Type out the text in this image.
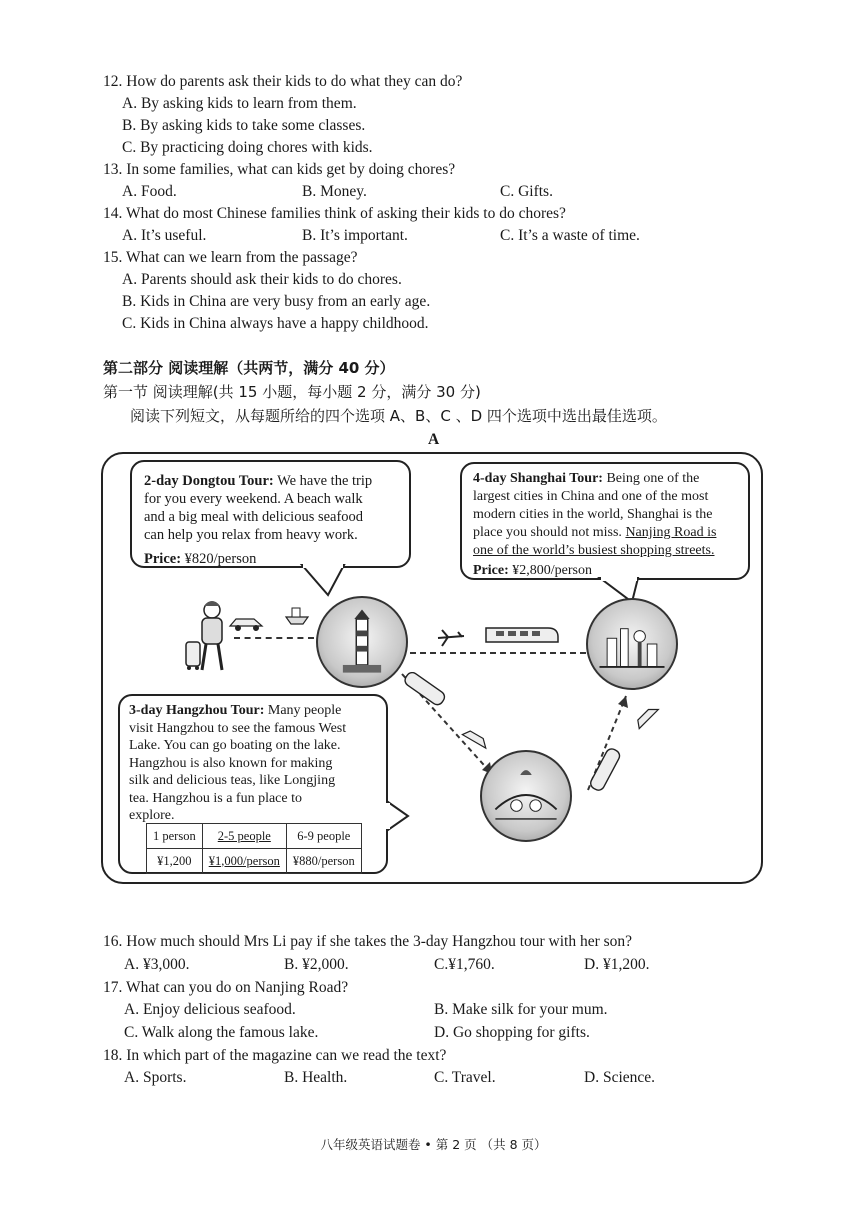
12. How do parents ask their kids to do what they can do?
A. By asking kids to learn from them.
B. By asking kids to take some classes.
C. By practicing doing chores with kids.
13. In some families, what can kids get by doing chores?
A. Food.	B. Money.	C. Gifts.
14. What do most Chinese families think of asking their kids to do chores?
A. It’s useful.	B. It’s important.	C. It’s a waste of time.
15. What can we learn from the passage?
A. Parents should ask their kids to do chores.
B. Kids in China are very busy from an early age.
C. Kids in China always have a happy childhood.
第二部分 阅读理解（共两节，满分 40 分）
第一节 阅读理解(共 15 小题，每小题 2 分，满分 30 分)
阅读下列短文，从每题所给的四个选项 A、B、C 、D 四个选项中选出最佳选项。
A
2-day Dongtou Tour: We have the trip
for you every weekend. A beach walk
and a big meal with delicious seafood
can help you relax from heavy work.
Price: ¥820/person
4-day Shanghai Tour: Being one of the
largest cities in China and one of the most
modern cities in the world, Shanghai is the
place you should not miss. Nanjing Road is
one of the world’s busiest shopping streets.
Price: ¥2,800/person
3-day Hangzhou Tour: Many people
visit Hangzhou to see the famous West
Lake. You can go boating on the lake.
Hangzhou is also known for making
silk and delicious teas, like Longjing
tea. Hangzhou is a fun place to
explore.
1 person	2-5 people	6-9 people
¥1,200	¥1,000/person	¥880/person
16. How much should Mrs Li pay if she takes the 3-day Hangzhou tour with her son?
A. ¥3,000.	B. ¥2,000.	C.¥1,760.	D. ¥1,200.
17. What can you do on Nanjing Road?
A. Enjoy delicious seafood.	B. Make silk for your mum.
C. Walk along the famous lake.	D. Go shopping for gifts.
18. In which part of the magazine can we read the text?
A. Sports.	B. Health.	C. Travel.	D. Science.
八年级英语试题卷 • 第 2 页 （共 8 页）
